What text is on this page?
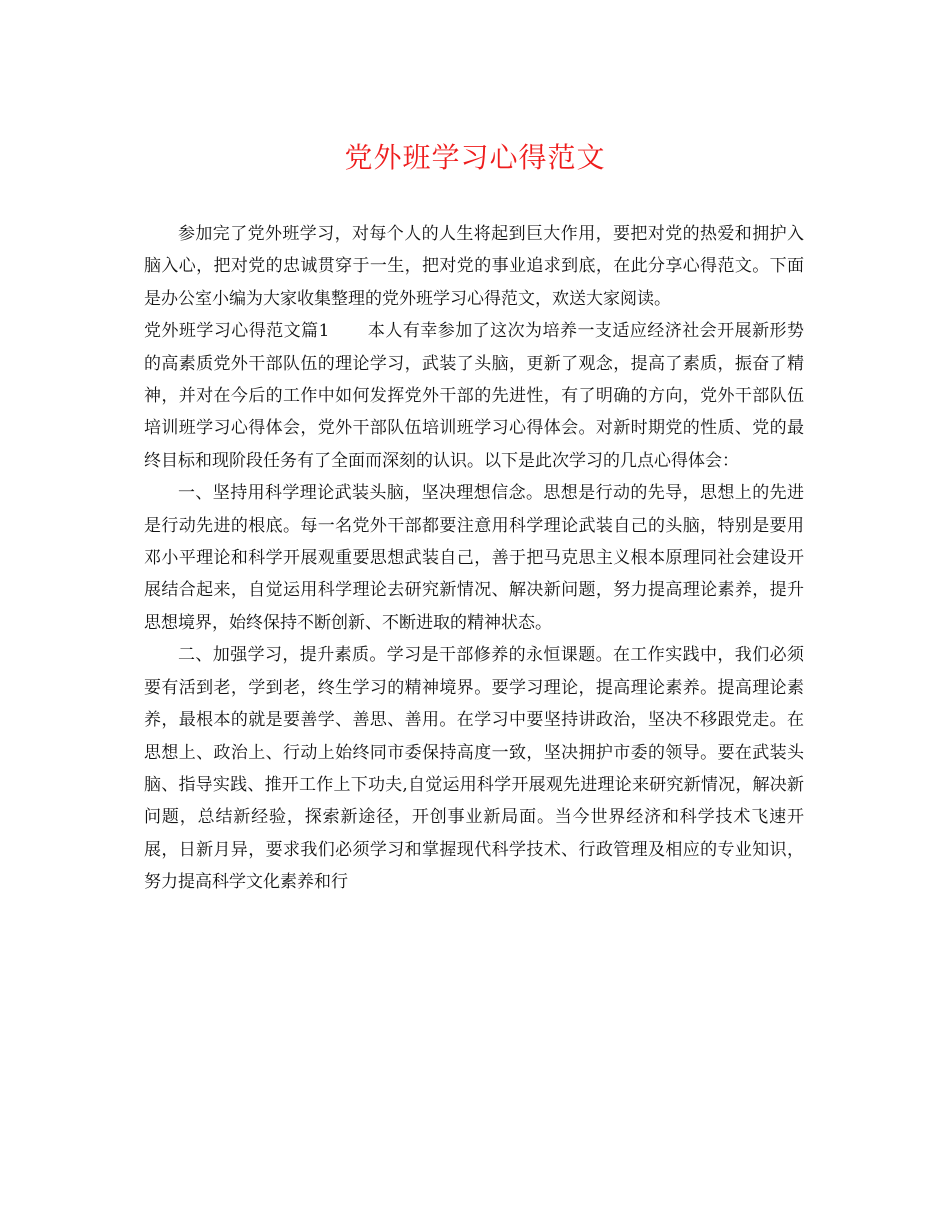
党外班学习心得范文

参加完了党外班学习，对每个人的人生将起到巨大作用，要把对党的热爱和拥护入脑入心，把对党的忠诚贯穿于一生，把对党的事业追求到底，在此分享心得范文。下面是办公室小编为大家收集整理的党外班学习心得范文，欢送大家阅读。

党外班学习心得范文篇1 本人有幸参加了这次为培养一支适应经济社会开展新形势的高素质党外干部队伍的理论学习，武装了头脑，更新了观念，提高了素质，振奋了精神，并对在今后的工作中如何发挥党外干部的先进性，有了明确的方向，党外干部队伍培训班学习心得体会，党外干部队伍培训班学习心得体会。对新时期党的性质、党的最终目标和现阶段任务有了全面而深刻的认识。以下是此次学习的几点心得体会：

一、坚持用科学理论武装头脑，坚决理想信念。思想是行动的先导，思想上的先进是行动先进的根底。每一名党外干部都要注意用科学理论武装自己的头脑，特别是要用邓小平理论和科学开展观重要思想武装自己，善于把马克思主义根本原理同社会建设开展结合起来，自觉运用科学理论去研究新情况、解决新问题，努力提高理论素养，提升思想境界，始终保持不断创新、不断进取的精神状态。

二、加强学习，提升素质。学习是干部修养的永恒课题。在工作实践中，我们必须要有活到老，学到老，终生学习的精神境界。要学习理论，提高理论素养。提高理论素养，最根本的就是要善学、善思、善用。在学习中要坚持讲政治，坚决不移跟党走。在思想上、政治上、行动上始终同市委保持高度一致，坚决拥护市委的领导。要在武装头脑、指导实践、推开工作上下功夫,自觉运用科学开展观先进理论来研究新情况，解决新问题，总结新经验，探索新途径，开创事业新局面。当今世界经济和科学技术飞速开展，日新月异，要求我们必须学习和掌握现代科学技术、行政管理及相应的专业知识，努力提高科学文化素养和行
